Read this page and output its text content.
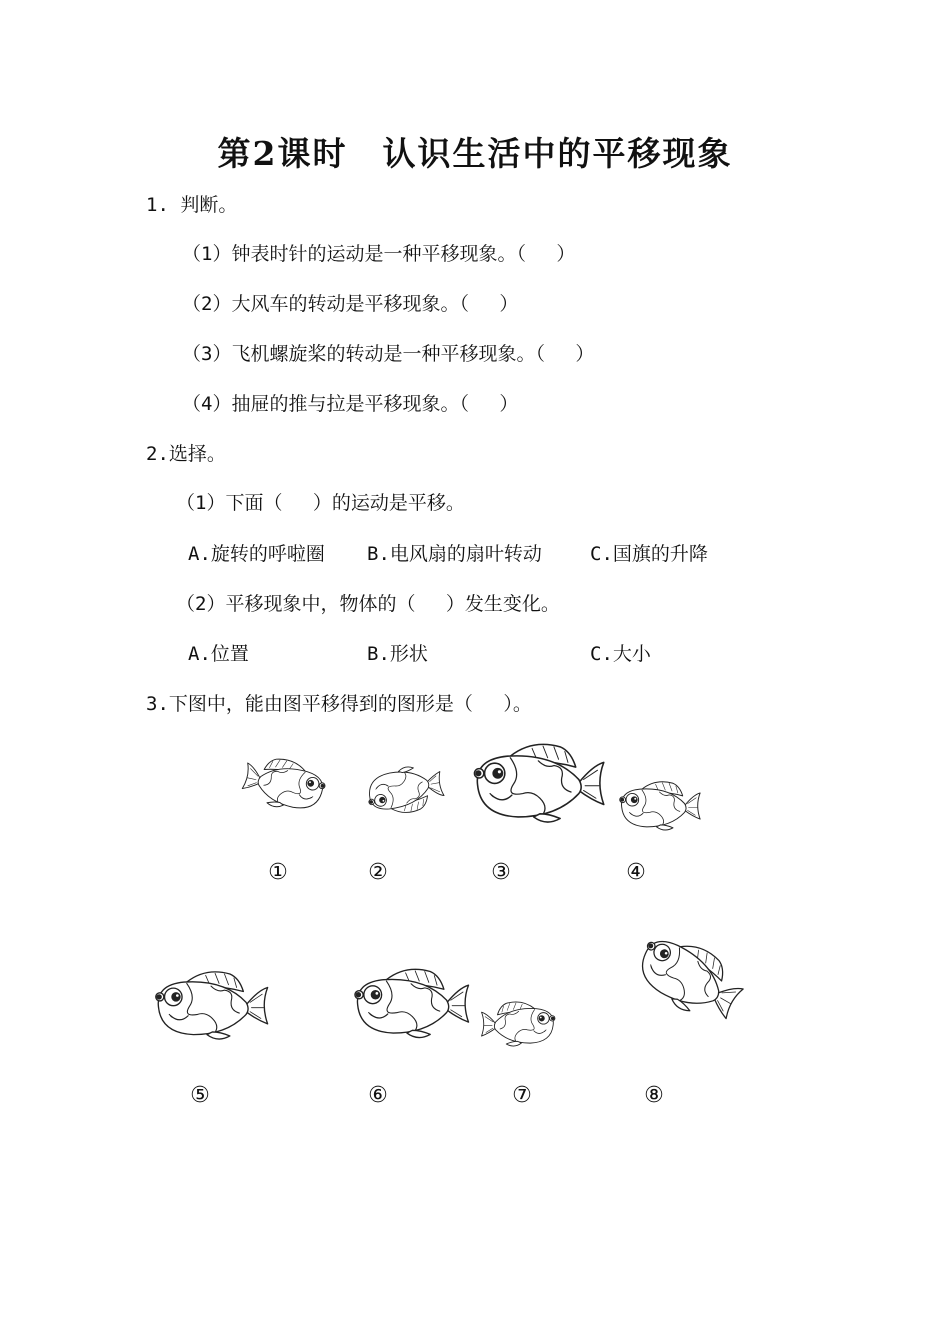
第2课时　认识生活中的平移现象
1. 判断。
（1）钟表时针的运动是一种平移现象。（　 ）
（2）大风车的转动是平移现象。（　 ）
（3）飞机螺旋桨的转动是一种平移现象。（　 ）
（4）抽屉的推与拉是平移现象。（　 ）
2.选择。
（1）下面（　 ）的运动是平移。
A.旋转的呼啦圈 B.电风扇的扇叶转动	C.国旗的升降
（2）平移现象中，物体的（　 ）发生变化。
A.位置	B.形状	C.大小
3.下图中，能由图平移得到的图形是（　 ）。
①	②	③	④
⑤	⑥	⑦	⑧
